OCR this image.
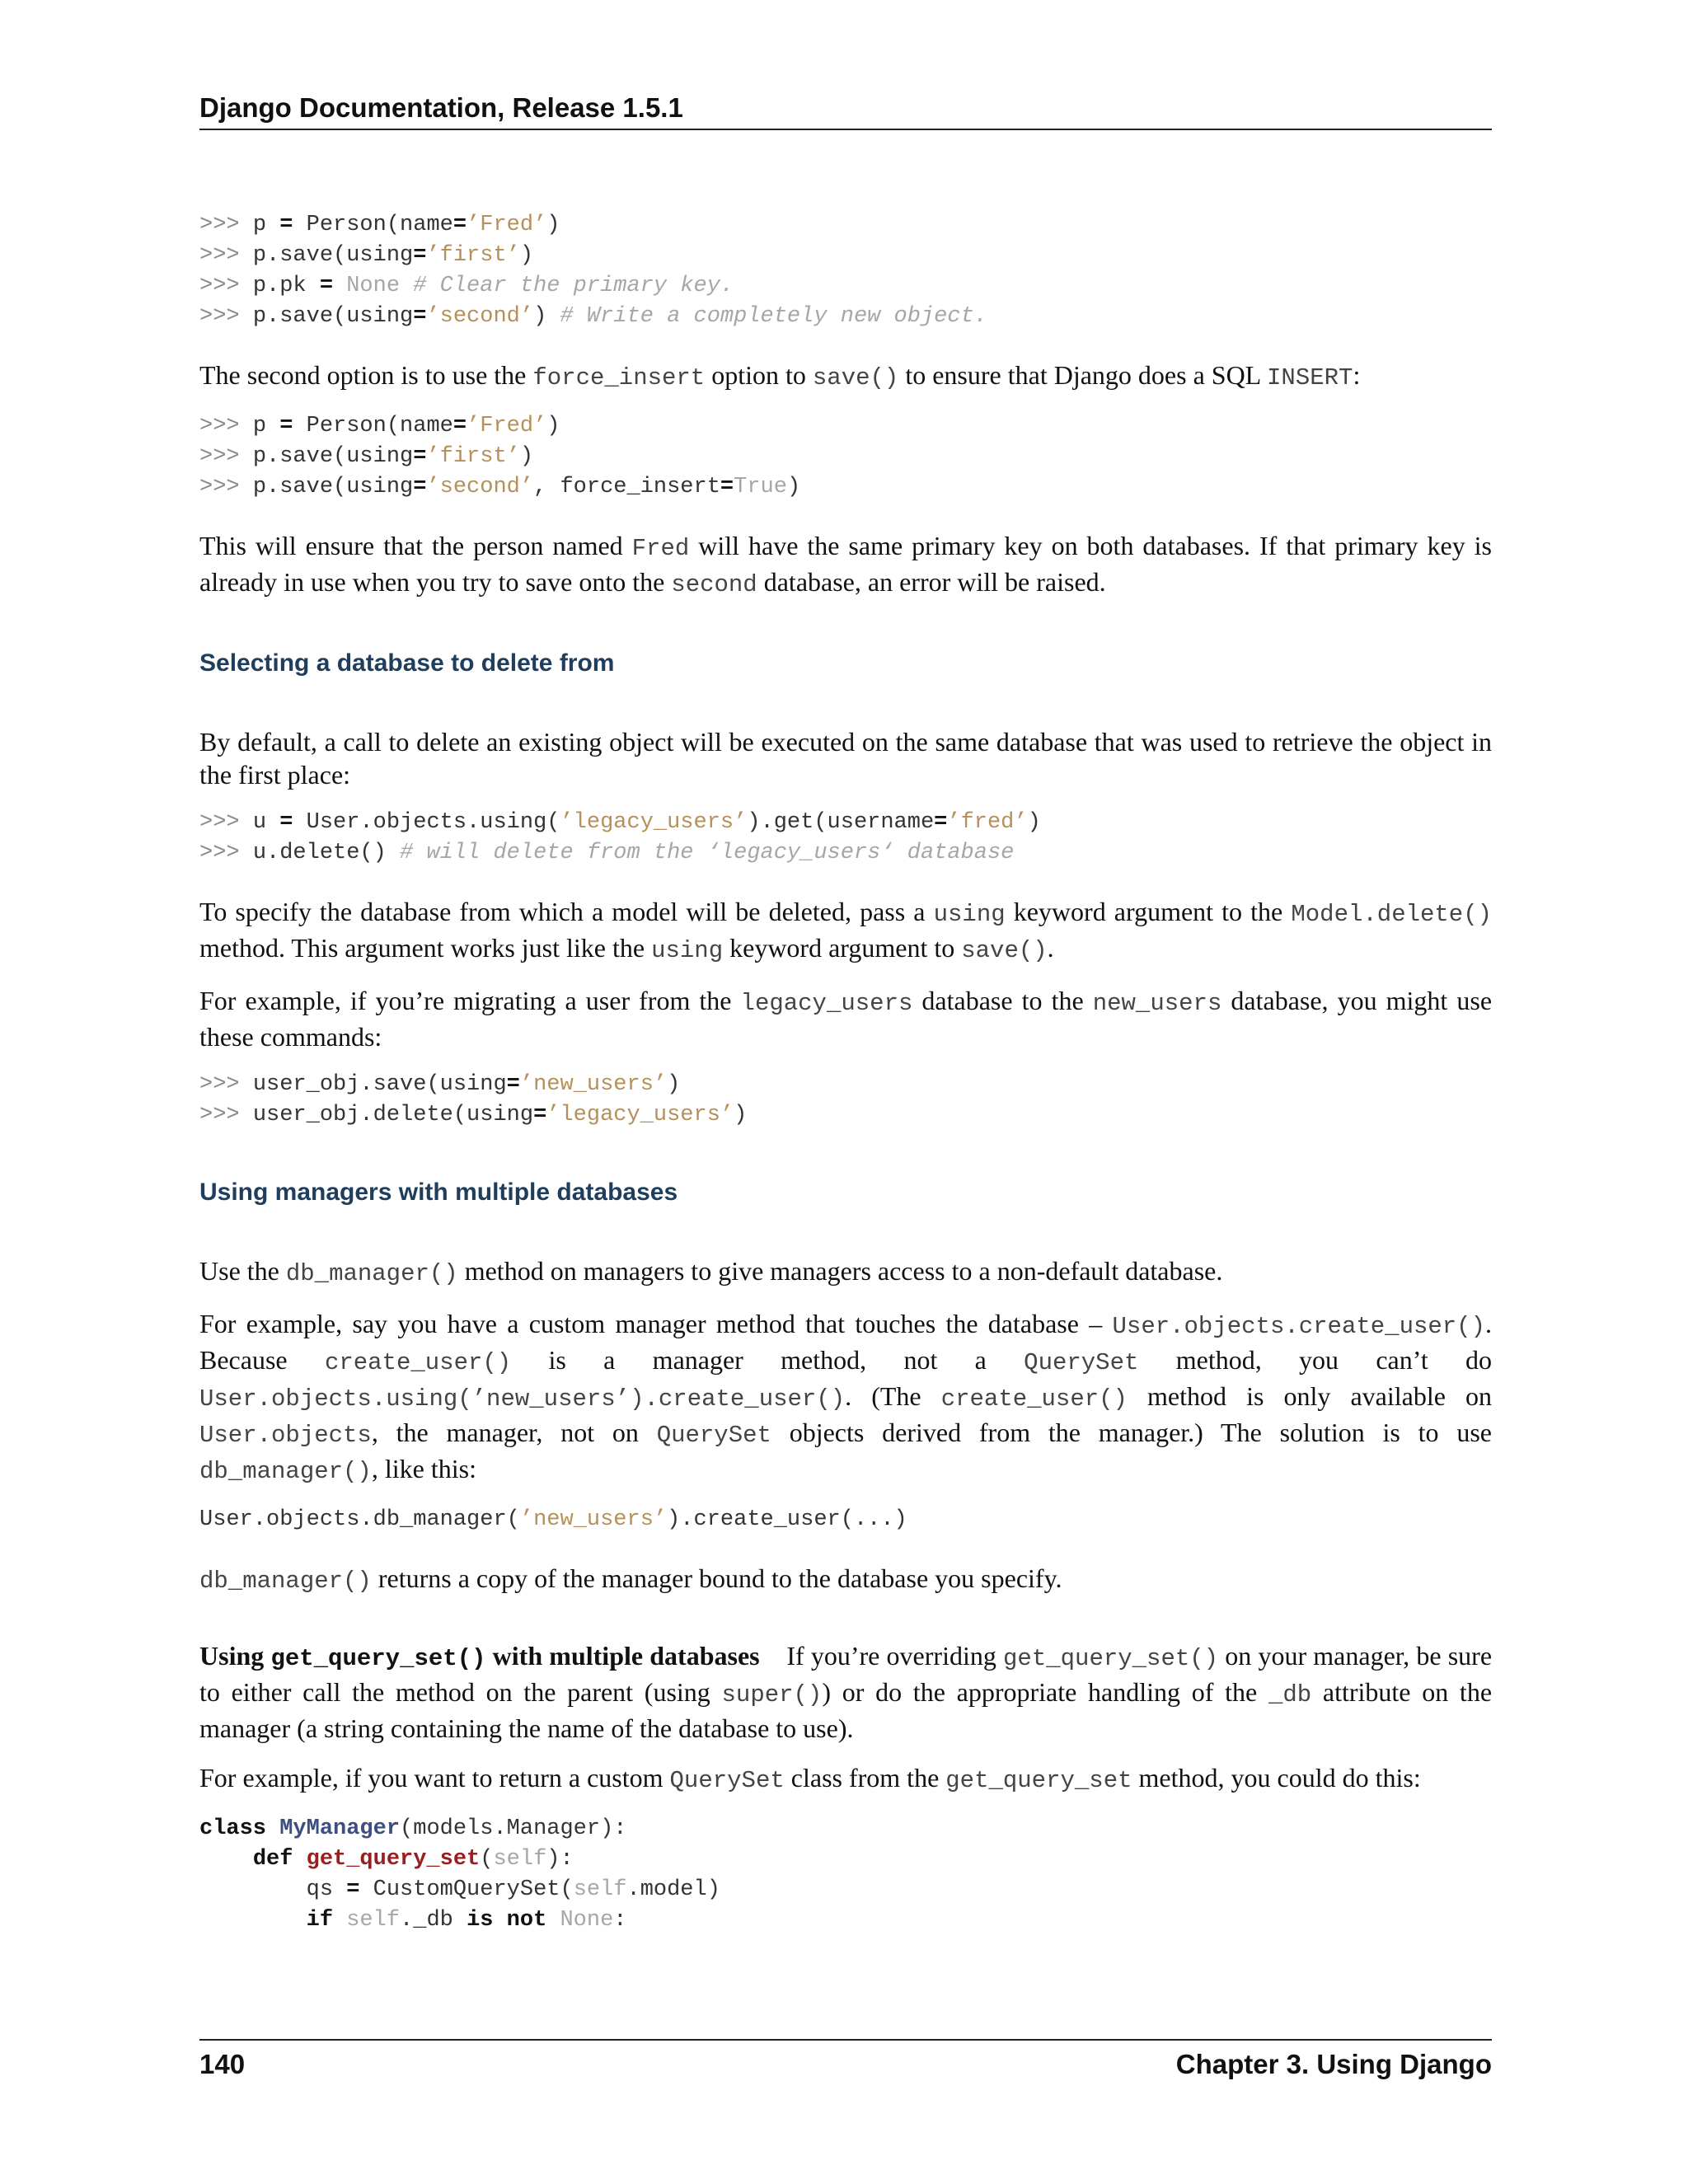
Django Documentation, Release 1.5.1
>>> p = Person(name=’Fred’)
>>> p.save(using=’first’)
>>> p.pk = None # Clear the primary key.
>>> p.save(using=’second’) # Write a completely new object.

The second option is to use the force_insert option to save() to ensure that Django does a SQL INSERT:

>>> p = Person(name=’Fred’)
>>> p.save(using=’first’)
>>> p.save(using=’second’, force_insert=True)

This will ensure that the person named Fred will have the same primary key on both databases. If that primary key is already in use when you try to save onto the second database, an error will be raised.

Selecting a database to delete from

By default, a call to delete an existing object will be executed on the same database that was used to retrieve the object in the first place:

>>> u = User.objects.using(’legacy_users’).get(username=’fred’)
>>> u.delete() # will delete from the ‘legacy_users‘ database

To specify the database from which a model will be deleted, pass a using keyword argument to the Model.delete() method. This argument works just like the using keyword argument to save().

For example, if you’re migrating a user from the legacy_users database to the new_users database, you might use these commands:

>>> user_obj.save(using=’new_users’)
>>> user_obj.delete(using=’legacy_users’)
Using managers with multiple databases

Use the db_manager() method on managers to give managers access to a non-default database.

For example, say you have a custom manager method that touches the database – User.objects.create_user(). Because create_user() is a manager method, not a QuerySet method, you can’t do User.objects.using(’new_users’).create_user(). (The create_user() method is only available on User.objects, the manager, not on QuerySet objects derived from the manager.) The solution is to use db_manager(), like this:

User.objects.db_manager(’new_users’).create_user(...)

db_manager() returns a copy of the manager bound to the database you specify.

Using get_query_set() with multiple databases If you’re overriding get_query_set() on your manager, be sure to either call the method on the parent (using super()) or do the appropriate handling of the _db attribute on the manager (a string containing the name of the database to use).

For example, if you want to return a custom QuerySet class from the get_query_set method, you could do this:

class MyManager(models.Manager):
def get_query_set(self):
qs = CustomQuerySet(self.model)
if self._db is not None:
140	Chapter 3. Using Django
